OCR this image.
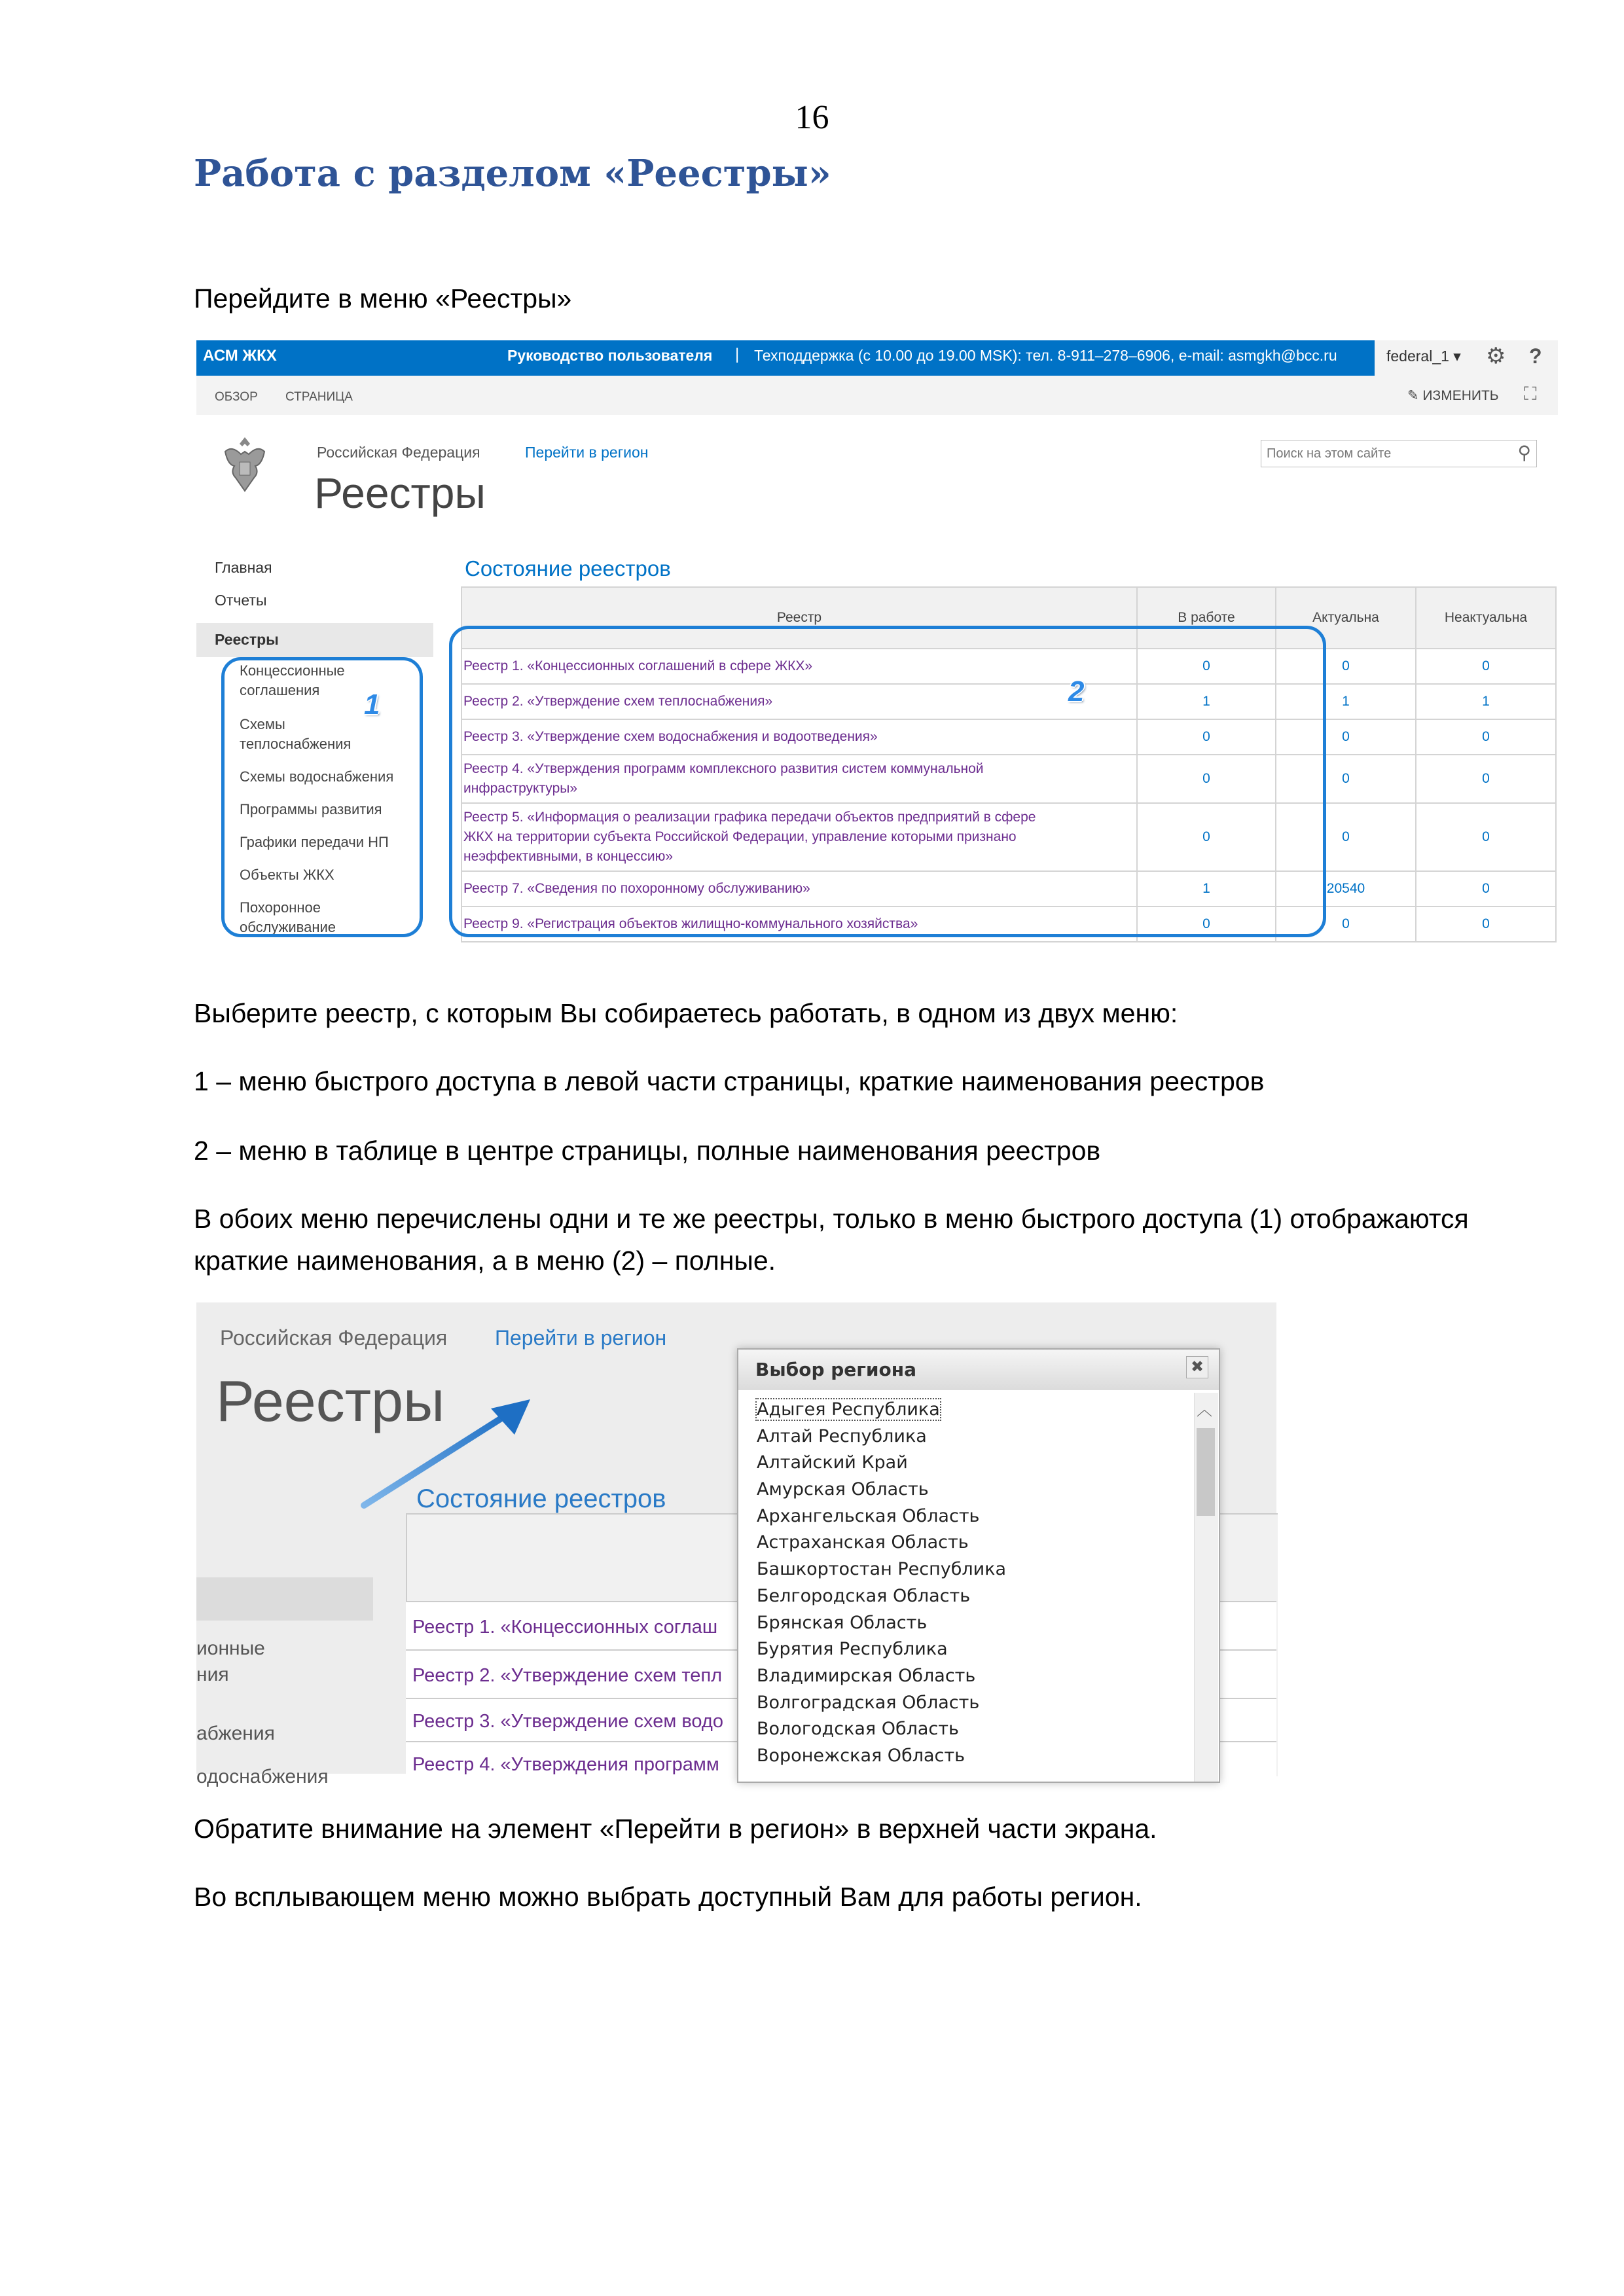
16
Работа с разделом «Реестры»
Перейдите в меню «Реестры»
АСМ ЖКХ	Руководство пользователя | Техподдержка (с 10.00 до 19.00 MSK): тел. 8-911–278–6906, e-mail: asmgkh@bcc.ru	federal_1 ▾ ⚙ ?
ОБЗОР СТРАНИЦА	✎ ИЗМЕНИТЬ ⛶
Российская Федерация	Перейти в регион
Реестры
Поиск на этом сайте	⚲
Главная
Отчеты
Реестры
Концессионные
соглашения
Схемы
теплоснабжения
Схемы водоснабжения
Программы развития
Графики передачи НП
Объекты ЖКХ
Похоронное
обслуживание
Состояние реестров
Реестр	В работе	Актуальна	Неактуальна

Реестр 1. «Концессионных соглашений в сфере ЖКХ»	0	0	0

Реестр 2. «Утверждение схем теплоснабжения»	1	1	1

Реестр 3. «Утверждение схем водоснабжения и водоотведения»	0	0	0

Реестр 4. «Утверждения программ комплексного развития систем коммунальной
инфраструктуры»	0	0	0

Реестр 5. «Информация о реализации графика передачи объектов предприятий в сфере
ЖКХ на территории субъекта Российской Федерации, управление которыми признано
неэффективными, в концессию»	0	0	0

Реестр 7. «Сведения по похоронному обслуживанию»	1	20540	0

Реестр 9. «Регистрация объектов жилищно-коммунального хозяйства»	0	0	0
1	2
Выберите реестр, с которым Вы собираетесь работать, в одном из двух меню:
1 – меню быстрого доступа в левой части страницы, краткие наименования реестров
2 – меню в таблице в центре страницы, полные наименования реестров
В обоих меню перечислены одни и те же реестры, только в меню быстрого доступа (1) отображаются
краткие наименования, а в меню (2) – полные.
Российская Федерация Перейти в регион
Реестры
Состояние реестров
ионные
ния
абжения
одоснабжения
Реестр 1. «Концессионных соглаш
Реестр 2. «Утверждение схем тепл
Реестр 3. «Утверждение схем водо
Реестр 4. «Утверждения программ
Выбор региона	✖
Адыгея Республика
Алтай Республика
Алтайский Край
Амурская Область
Архангельская Область
Астраханская Область
Башкортостан Республика
Белгородская Область
Брянская Область
Бурятия Республика
Владимирская Область
Волгоградская Область
Вологодская Область
Воронежская Область
︿
Обратите внимание на элемент «Перейти в регион» в верхней части экрана.
Во всплывающем меню можно выбрать доступный Вам для работы регион.
